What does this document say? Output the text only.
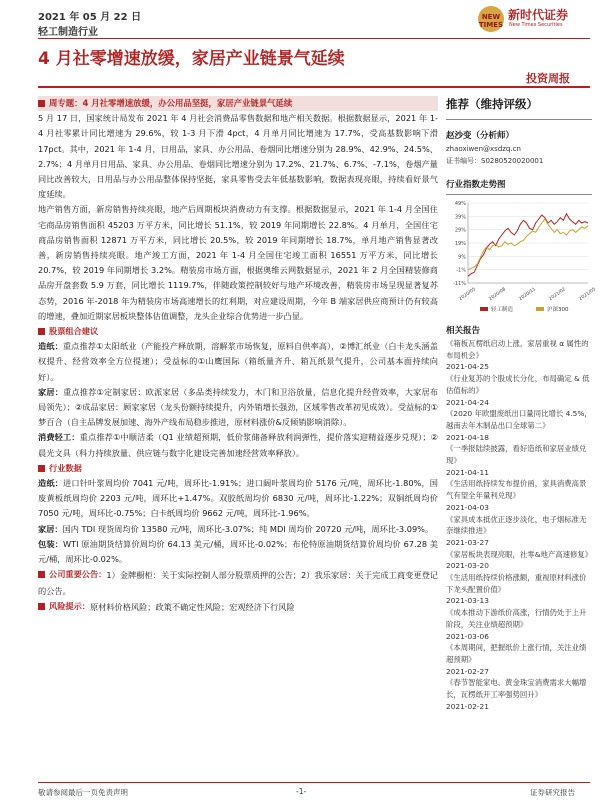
2021 年 05 月 22 日
轻工制造行业
NEW TIMES
新时代证券
New Times Securities
4 月社零增速放缓，家居产业链景气延续
投资周报
周专题：4 月社零增速放缓，办公用品坚挺，家居产业链景气延续

5 月 17 日，国家统计局发布 2021 年 4 月社会消费品零售数据和地产相关数据。根据数据显示，2021 年 1-4 月社零累计同比增速为 29.6%，较 1-3 月下滑 4pct，4 月单月同比增速为 17.7%，受高基数影响下滑 17pct。其中，2021 年 1-4 月，日用品，家具、办公用品、卷烟同比增速分别为 28.9%、42.9%、24.5%、2.7%；4 月单月日用品、家具、办公用品、卷烟同比增速分别为 17.2%、21.7%、6.7%、-7.1%，卷烟产量同比改善较大，日用品与办公用品整体保持坚挺，家具零售受去年低基数影响，数据表现亮眼，持续看好景气度延续。

地产销售方面，新房销售持续亮眼，地产后周期板块消费动力有支撑。根据数据显示，2021 年 1-4 月全国住宅商品房销售面积 45203 万平方米，同比增长 51.1%，较 2019 年同期增长 22.8%。4 月单月，全国住宅商品房销售面积 12871 万平方米，同比增长 20.5%，较 2019 年同期增长 18.7%，单月地产销售显著改善，新房销售持续亮眼。地产竣工方面，2021 年 1-4 月全国住宅竣工面积 16551 万平方米，同比增长 20.7%，较 2019 年同期增长 3.2%。精装房市场方面，根据奥维云网数据显示，2021 年 2 月全国精装修商品房开盘套数 5.9 万套，同比增长 1119.7%，伴随政策控制较好与地产环境改善，精装房市场呈现显著复苏态势，2016 年-2018 年为精装房市场高速增长的红利期，对应建设周期，今年 B 端家居供应商预计仍有较高的增速，叠加近期家居板块整体估值调整，龙头企业综合优势进一步凸显。

股票组合建议

造纸：重点推荐①太阳纸业（产能投产释放期，溶解浆市场恢复，原料自供率高），②博汇纸业（白卡龙头涵盖权提升、经营效率全方位提速）；受益标的①山鹰国际（箱纸量齐升、箱瓦纸景气提升，公司基本面持续向好）。

家居：重点推荐①定制家居：欧派家居（多品类持续发力，木门和卫浴放量，信息化提升经营效率，大家居布局领先）；②成品家居：顾家家居（龙头份额持续提升，内外销增长强劲，区域零售改革初见成效）。受益标的①梦百合（自主品牌发展加速、海外产线布局稳步推进，原材料涨价&反倾销影响消除）。

消费轻工：重点推荐①中顺洁柔（Q1 业绩超预期，低价浆储备释放利润弹性，提价落实迎精益逐步兑现）；②晨光文具（科力持续放量、供应链与数字化建设完善加速经营效率释放）。

行业数据

造纸：进口针叶浆周均价 7041 元/吨，周环比-1.91%；进口阔叶浆周均价 5176 元/吨，周环比-1.80%，国废黄板纸周均价 2203 元/吨，周环比+1.47%。双胶纸周均价 6830 元/吨，周环比-1.22%；双铜纸周均价 7050 元/吨，周环比-0.75%；白卡纸周均价 9662 元/吨，周环比-1.96%。

家居：国内 TDI 现货周均价 13580 元/吨，周环比-3.07%；纯 MDI 周均价 20720 元/吨，周环比-3.09%。

包装：WTI 原油期货结算价周均价 64.13 美元/桶，周环比-0.02%；布伦特原油期货结算价周均价 67.28 美元/桶，周环比-0.02%。

公司重要公告： 1）金牌橱柜：关于实际控制人部分股票质押的公告；2）我乐家居：关于完成工商变更登记的公告。

风险提示： 原材料价格风险；政策不确定性风险；宏观经济下行风险

推荐（维持评级）
赵沙变（分析师）
zhaoxiwen@xsdzq.cn
证书编号：S0280520020001
行业指数走势图
49%
39%
29%
19%
9%
-1%
-11%
2020/05 2020/08 2020/11 2021/02 2021/05
轻工制造	沪深300
相关报告
《箱板瓦楞纸启动上涨，家居重视 α 属性的布局机会》
2021-04-25
《行业复苏的个股成长分化，布局确定 & 低估值标的》
2021-04-24
《2020 年欧盟废纸出口量同比增长 4.5%，越南去年木制品出口全球第二》
2021-04-18
《一季报陆续披露，看好造纸和家居业绩兑现》
2021-04-11
《生活用纸持续发布提价函，家具消费高景气有望全年量利兑现》
2021-04-03
《家具成本抵优正逐步淡化，电子烟标准无奈继续推进》
2021-03-27
《家居板块表现亮眼，社零&地产高速修复》
2021-03-20
《生活用纸持续价格涨额，重视原材料涨价下龙头配置价值》
2021-03-13
《成本推动下游纸价高涨，行情仍处于上升阶段，关注业绩超预期》
2021-03-06
《本周期间，把握纸价上涨行情，关注业绩超预期》
2021-02-27
《春节智能家电、黄金珠宝消费需求大幅增长，瓦楞纸开工率强势回升》
2021-02-21
敬请参阅最后一页免责声明	-1-	证券研究报告
